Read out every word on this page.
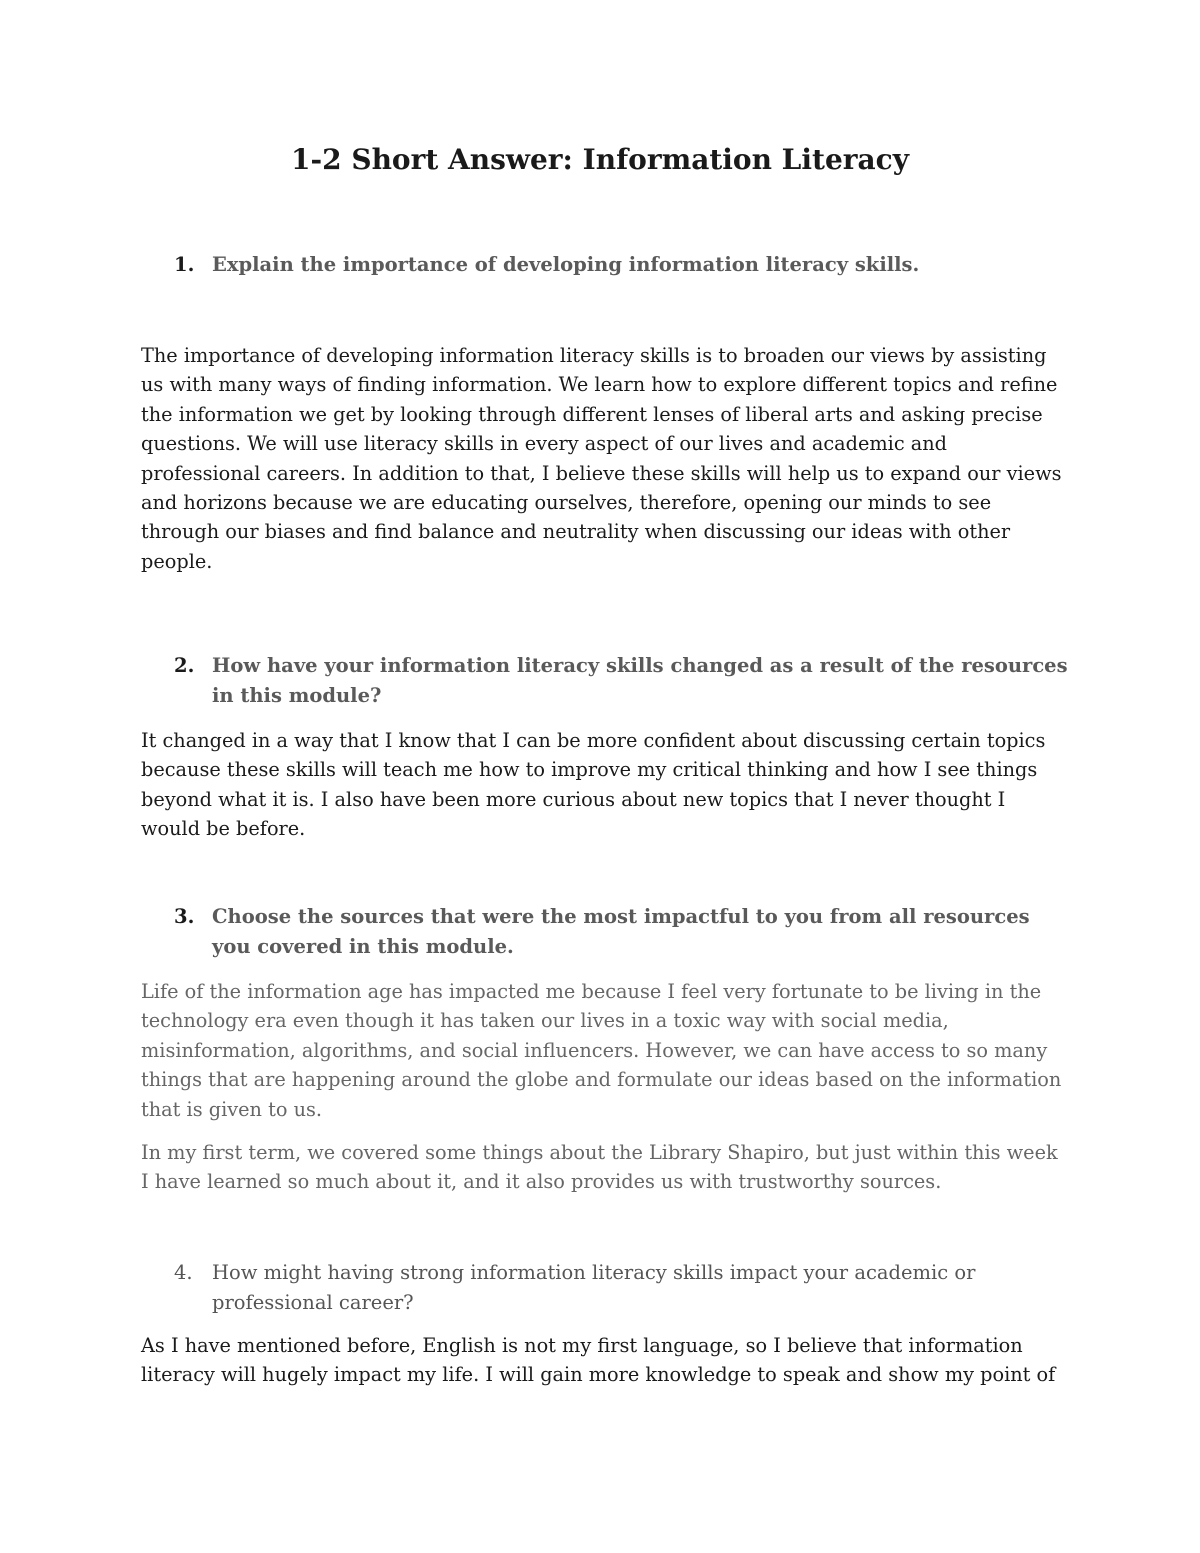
1-2 Short Answer: Information Literacy
1. Explain the importance of developing information literacy skills.

The importance of developing information literacy skills is to broaden our views by assisting us with many ways of finding information. We learn how to explore different topics and refine the information we get by looking through different lenses of liberal arts and asking precise questions. We will use literacy skills in every aspect of our lives and academic and professional careers. In addition to that, I believe these skills will help us to expand our views and horizons because we are educating ourselves, therefore, opening our minds to see through our biases and find balance and neutrality when discussing our ideas with other people.

2. How have your information literacy skills changed as a result of the resources in this module?

It changed in a way that I know that I can be more confident about discussing certain topics because these skills will teach me how to improve my critical thinking and how I see things beyond what it is. I also have been more curious about new topics that I never thought I would be before.

3. Choose the sources that were the most impactful to you from all resources you covered in this module.

Life of the information age has impacted me because I feel very fortunate to be living in the technology era even though it has taken our lives in a toxic way with social media, misinformation, algorithms, and social influencers. However, we can have access to so many things that are happening around the globe and formulate our ideas based on the information that is given to us.

In my first term, we covered some things about the Library Shapiro, but just within this week I have learned so much about it, and it also provides us with trustworthy sources.

4. How might having strong information literacy skills impact your academic or professional career?

As I have mentioned before, English is not my first language, so I believe that information literacy will hugely impact my life. I will gain more knowledge to speak and show my point of
